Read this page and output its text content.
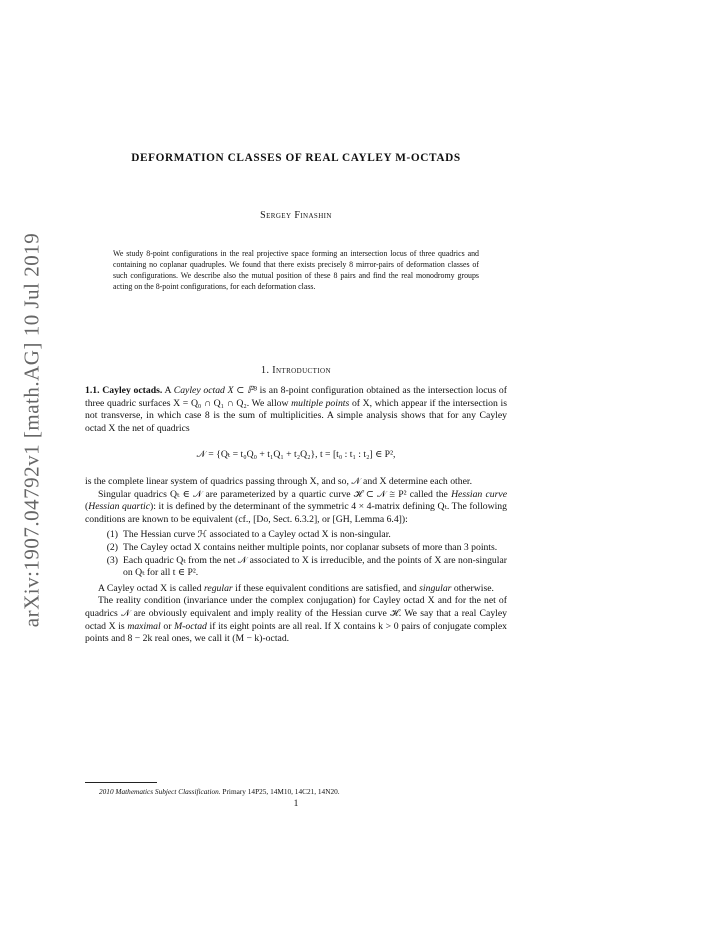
arXiv:1907.04792v1 [math.AG] 10 Jul 2019
DEFORMATION CLASSES OF REAL CAYLEY M-OCTADS
Sergey Finashin

We study 8-point configurations in the real projective space forming an intersection locus of three quadrics and containing no coplanar quadruples. We found that there exists precisely 8 mirror-pairs of deformation classes of such configurations. We describe also the mutual position of these 8 pairs and find the real monodromy groups acting on the 8-point configurations, for each deformation class.

1. Introduction

1.1. Cayley octads. A Cayley octad X ⊂ ℙ³ is an 8-point configuration obtained as the intersection locus of three quadric surfaces X = Q₀ ∩ Q₁ ∩ Q₂. We allow multiple points of X, which appear if the intersection is not transverse, in which case 8 is the sum of multiplicities. A simple analysis shows that for any Cayley octad X the net of quadrics

𝒩 = {Qₜ = t₀Q₀ + t₁Q₁ + t₂Q₂}, t = [t₀ : t₁ : t₂] ∈ P²,

is the complete linear system of quadrics passing through X, and so, 𝒩 and X determine each other.

Singular quadrics Qₜ ∈ 𝒩 are parameterized by a quartic curve ℋ ⊂ 𝒩 ≅ P² called the Hessian curve (Hessian quartic): it is defined by the determinant of the symmetric 4 × 4-matrix defining Qₜ. The following conditions are known to be equivalent (cf., [Do, Sect. 6.3.2], or [GH, Lemma 6.4]):

(1) The Hessian curve ℋ associated to a Cayley octad X is non-singular.
(2) The Cayley octad X contains neither multiple points, nor coplanar subsets of more than 3 points.
(3) Each quadric Qₜ from the net 𝒩 associated to X is irreducible, and the points of X are non-singular on Qₜ for all t ∈ P².

A Cayley octad X is called regular if these equivalent conditions are satisfied, and singular otherwise.

The reality condition (invariance under the complex conjugation) for Cayley octad X and for the net of quadrics 𝒩 are obviously equivalent and imply reality of the Hessian curve ℋ. We say that a real Cayley octad X is maximal or M-octad if its eight points are all real. If X contains k > 0 pairs of conjugate complex points and 8 − 2k real ones, we call it (M − k)-octad.

2010 Mathematics Subject Classification. Primary 14P25, 14M10, 14C21, 14N20.
1
